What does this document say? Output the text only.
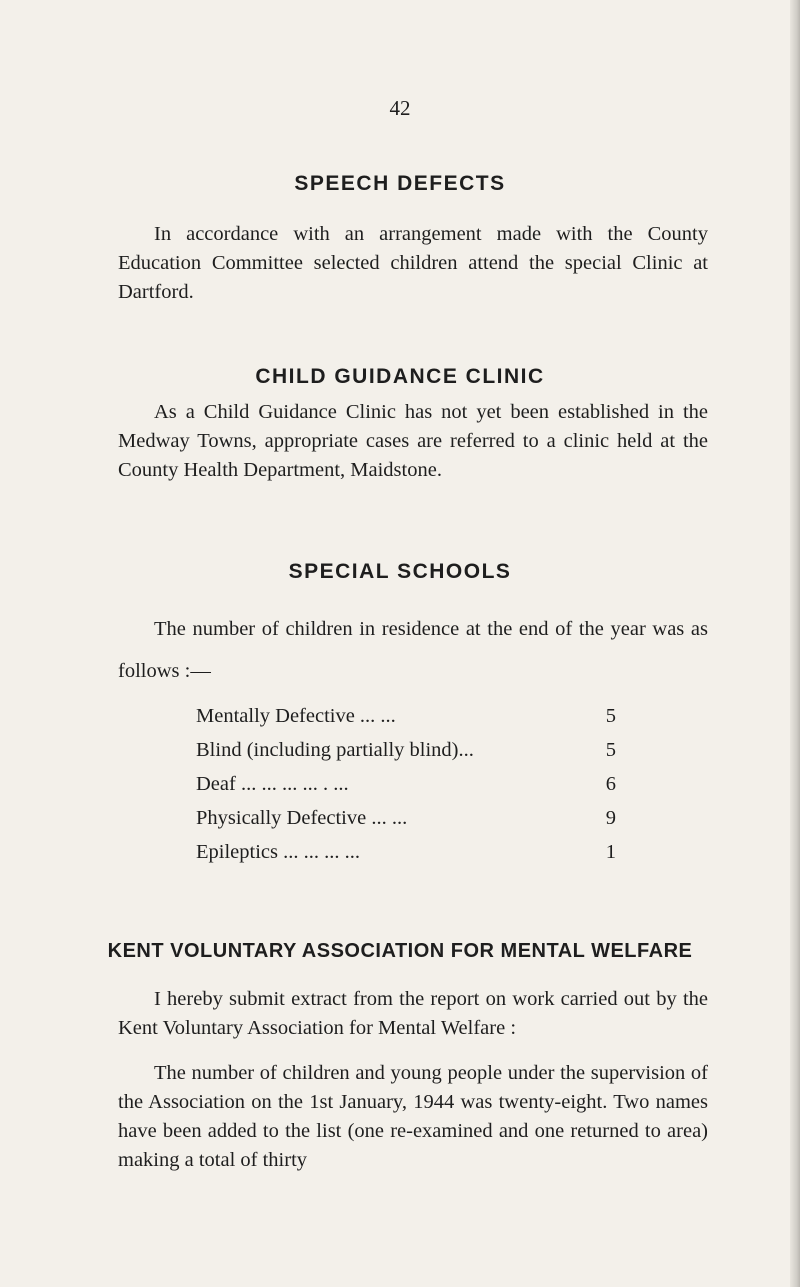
42
SPEECH DEFECTS
In accordance with an arrangement made with the County Education Committee selected children attend the special Clinic at Dartford.
CHILD GUIDANCE CLINIC
As a Child Guidance Clinic has not yet been established in the Medway Towns, appropriate cases are referred to a clinic held at the County Health Department, Maidstone.
SPECIAL SCHOOLS
The number of children in residence at the end of the year was as follows :—
Mentally Defective ... ...	5
Blind (including partially blind)...	5
Deaf ... ... ... ... . ...	6
Physically Defective ... ...	9
Epileptics ... ... ... ...	1
KENT VOLUNTARY ASSOCIATION FOR MENTAL WELFARE
I hereby submit extract from the report on work carried out by the Kent Voluntary Association for Mental Welfare :
The number of children and young people under the supervision of the Association on the 1st January, 1944 was twenty-eight. Two names have been added to the list (one re-examined and one returned to area) making a total of thirty
